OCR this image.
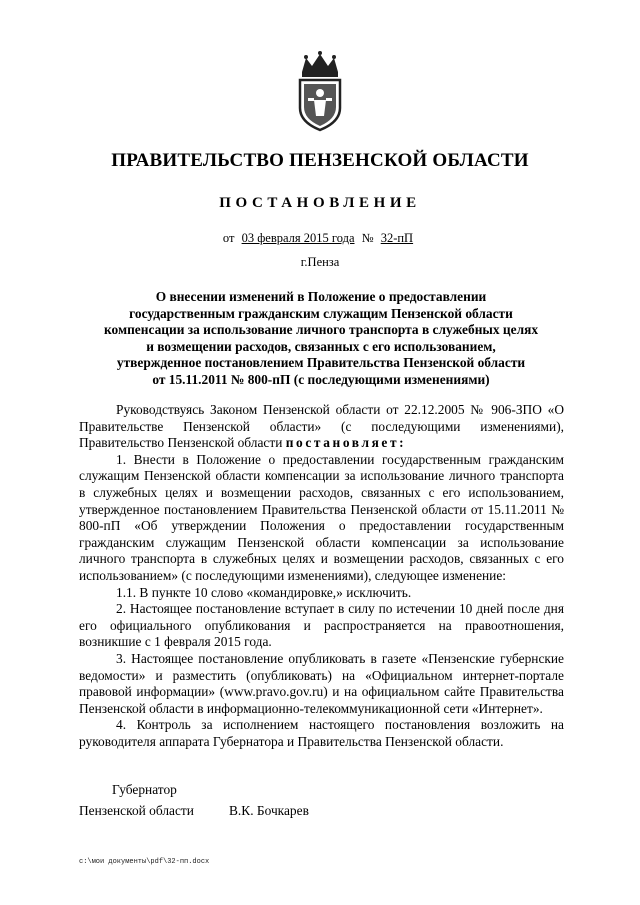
ПРАВИТЕЛЬСТВО ПЕНЗЕНСКОЙ ОБЛАСТИ
ПОСТАНОВЛЕНИЕ
от 03 февраля 2015 года № 32-пП
г.Пенза
О внесении изменений в Положение о предоставлении
государственным гражданским служащим Пензенской области
компенсации за использование личного транспорта в служебных целях
и возмещении расходов, связанных с его использованием,
утвержденное постановлением Правительства Пензенской области
от 15.11.2011 № 800-пП (с последующими изменениями)

Руководствуясь Законом Пензенской области от 22.12.2005 № 906-ЗПО «О Правительстве Пензенской области» (с последующими изменениями), Правительство Пензенской области постановляет:

1. Внести в Положение о предоставлении государственным гражданским служащим Пензенской области компенсации за использование личного транспорта в служебных целях и возмещении расходов, связанных с его использованием, утвержденное постановлением Правительства Пензенской области от 15.11.2011 № 800-пП «Об утверждении Положения о предоставлении государственным гражданским служащим Пензенской области компенсации за использование личного транспорта в служебных целях и возмещении расходов, связанных с его использованием» (с последующими изменениями), следующее изменение:

1.1. В пункте 10 слово «командировке,» исключить.

2. Настоящее постановление вступает в силу по истечении 10 дней после дня его официального опубликования и распространяется на правоотношения, возникшие с 1 февраля 2015 года.

3. Настоящее постановление опубликовать в газете «Пензенские губернские ведомости» и разместить (опубликовать) на «Официальном интернет-портале правовой информации» (www.pravo.gov.ru) и на официальном сайте Правительства Пензенской области в информационно-телекоммуникационной сети «Интернет».

4. Контроль за исполнением настоящего постановления возложить на руководителя аппарата Губернатора и Правительства Пензенской области.

Губернатор
Пензенской области	В.К. Бочкарев
c:\мои документы\pdf\32-пп.docx
